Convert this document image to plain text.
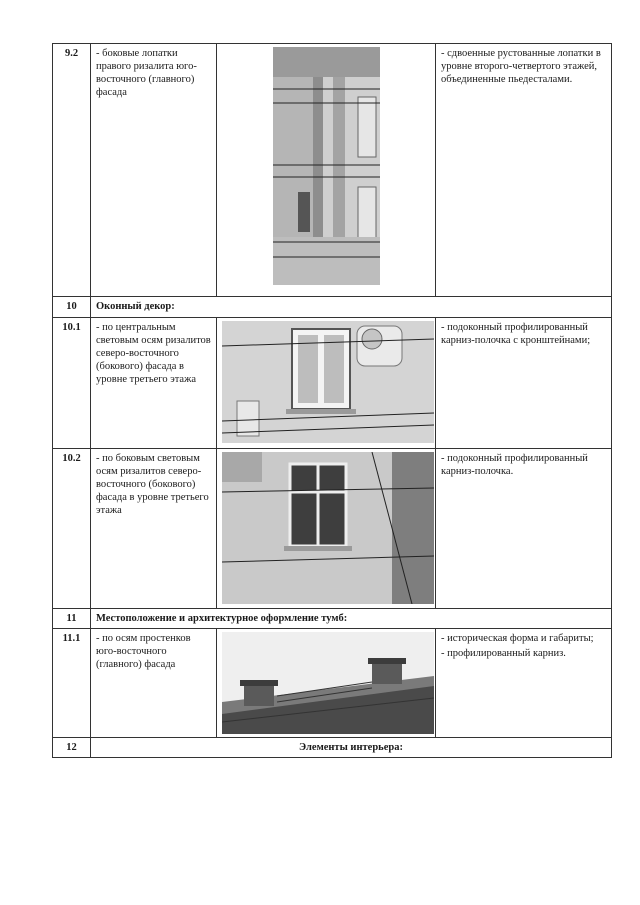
9.2	- боковые лопатки правого ризалита юго-восточного (главного) фасада		- сдвоенные рустованные лопатки в уровне второго-четвертого этажей, объединенные пьедесталами.

10	Оконный декор:		
10.1	- по центральным световым осям ризалитов северо-восточного (бокового) фасада в уровне третьего этажа		- подоконный профилированный карниз-полочка с кронштейнами;

10.2	- по боковым световым осям ризалитов северо-восточного (бокового) фасада в уровне третьего этажа		- подоконный профилированный карниз-полочка.

11	Местоположение и архитектурное оформление тумб:		
11.1	- по осям простенков юго-восточного (главного) фасада		- историческая форма и габариты;

- профилированный карниз.

12	Элементы интерьера:		
